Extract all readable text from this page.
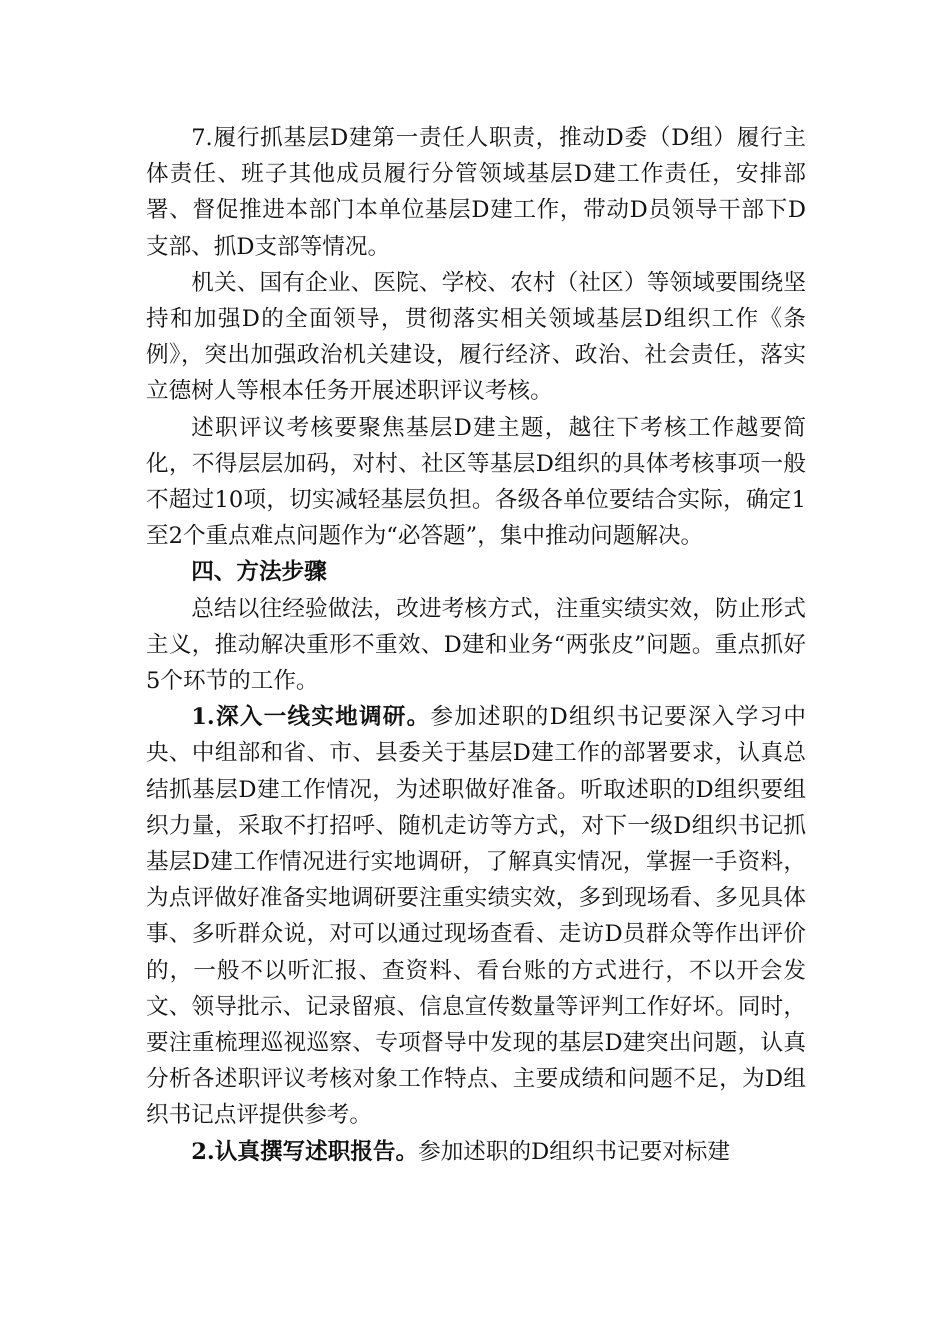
7.履行抓基层D建第一责任人职责，推动D委（D组）履行主体责任、班子其他成员履行分管领域基层D建工作责任，安排部署、督促推进本部门本单位基层D建工作，带动D员领导干部下D支部、抓D支部等情况。

机关、国有企业、医院、学校、农村（社区）等领域要围绕坚持和加强D的全面领导，贯彻落实相关领域基层D组织工作《条例》，突出加强政治机关建设，履行经济、政治、社会责任，落实立德树人等根本任务开展述职评议考核。

述职评议考核要聚焦基层D建主题，越往下考核工作越要简化，不得层层加码，对村、社区等基层D组织的具体考核事项一般不超过10项，切实减轻基层负担。各级各单位要结合实际，确定1至2个重点难点问题作为“必答题”，集中推动问题解决。

四、方法步骤

总结以往经验做法，改进考核方式，注重实绩实效，防止形式主义，推动解决重形不重效、D建和业务“两张皮”问题。重点抓好5个环节的工作。

1.深入一线实地调研。参加述职的D组织书记要深入学习中央、中组部和省、市、县委关于基层D建工作的部署要求，认真总结抓基层D建工作情况，为述职做好准备。听取述职的D组织要组织力量，采取不打招呼、随机走访等方式，对下一级D组织书记抓基层D建工作情况进行实地调研，了解真实情况，掌握一手资料，为点评做好准备实地调研要注重实绩实效，多到现场看、多见具体事、多听群众说，对可以通过现场查看、走访D员群众等作出评价的，一般不以听汇报、查资料、看台账的方式进行，不以开会发文、领导批示、记录留痕、信息宣传数量等评判工作好坏。同时，要注重梳理巡视巡察、专项督导中发现的基层D建突出问题，认真分析各述职评议考核对象工作特点、主要成绩和问题不足，为D组织书记点评提供参考。

2.认真撰写述职报告。参加述职的D组织书记要对标建
